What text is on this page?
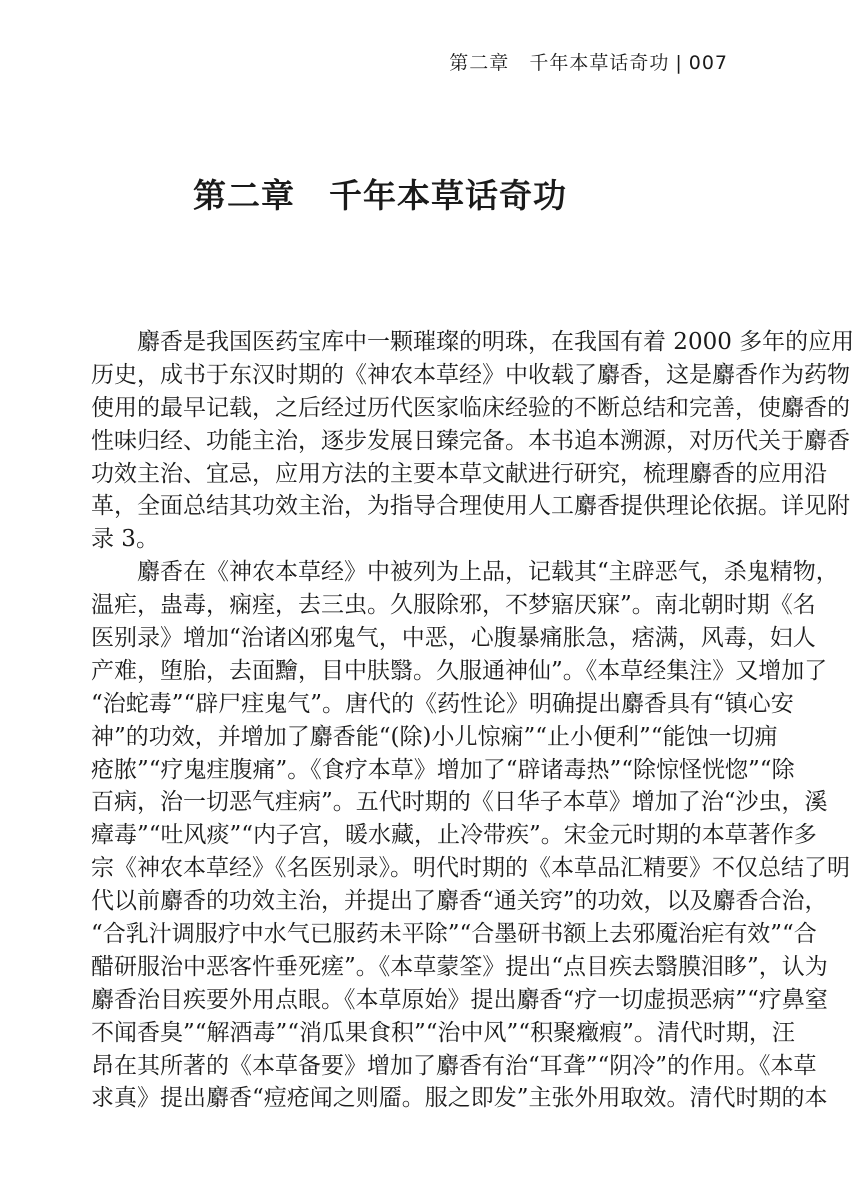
第二章　 千年本草话奇功 | 007
第二章 千年本草话奇功
麝香是我国医药宝库中一颗璀璨的明珠，在我国有着 2000 多年的应用
历史，成书于东汉时期的《神农本草经》中收载了麝香，这是麝香作为药物
使用的最早记载，之后经过历代医家临床经验的不断总结和完善，使麝香的
性味归经、功能主治，逐步发展日臻完备。本书追本溯源，对历代关于麝香
功效主治、宜忌，应用方法的主要本草文献进行研究，梳理麝香的应用沿
革，全面总结其功效主治，为指导合理使用人工麝香提供理论依据。详见附
录 3。
麝香在《神农本草经》中被列为上品，记载其“主辟恶气，杀鬼精物，
温疟，蛊毒，痫痓，去三虫。久服除邪，不梦寤厌寐”。南北朝时期《名
医别录》增加“治诸凶邪鬼气，中恶，心腹暴痛胀急，痞满，风毒，妇人
产难，堕胎，去面䵳，目中肤翳。久服通神仙”。《本草经集注》又增加了
“治蛇毒”“辟尸疰鬼气”。唐代的《药性论》明确提出麝香具有“镇心安
神”的功效，并增加了麝香能“(除)小儿惊痫”“止小便利”“能蚀一切痈
疮脓”“疗鬼疰腹痛”。《食疗本草》增加了“辟诸毒热”“除惊怪恍惚”“除
百病，治一切恶气疰病”。五代时期的《日华子本草》增加了治“沙虫，溪
瘴毒”“吐风痰”“内子宫，暖水藏，止冷带疾”。宋金元时期的本草著作多
宗《神农本草经》《名医别录》。明代时期的《本草品汇精要》不仅总结了明
代以前麝香的功效主治，并提出了麝香“通关窍”的功效，以及麝香合治，
“合乳汁调服疗中水气已服药未平除”“合墨研书额上去邪魇治疟有效”“合
醋研服治中恶客忤垂死瘥”。《本草蒙筌》提出“点目疾去翳膜泪眵”，认为
麝香治目疾要外用点眼。《本草原始》提出麝香“疗一切虚损恶病”“疗鼻窒
不闻香臭”“解酒毒”“消瓜果食积”“治中风”“积聚癥瘕”。清代时期，汪
昂在其所著的《本草备要》增加了麝香有治“耳聋”“阴冷”的作用。《本草
求真》提出麝香“痘疮闻之则靥。服之即发”主张外用取效。清代时期的本
